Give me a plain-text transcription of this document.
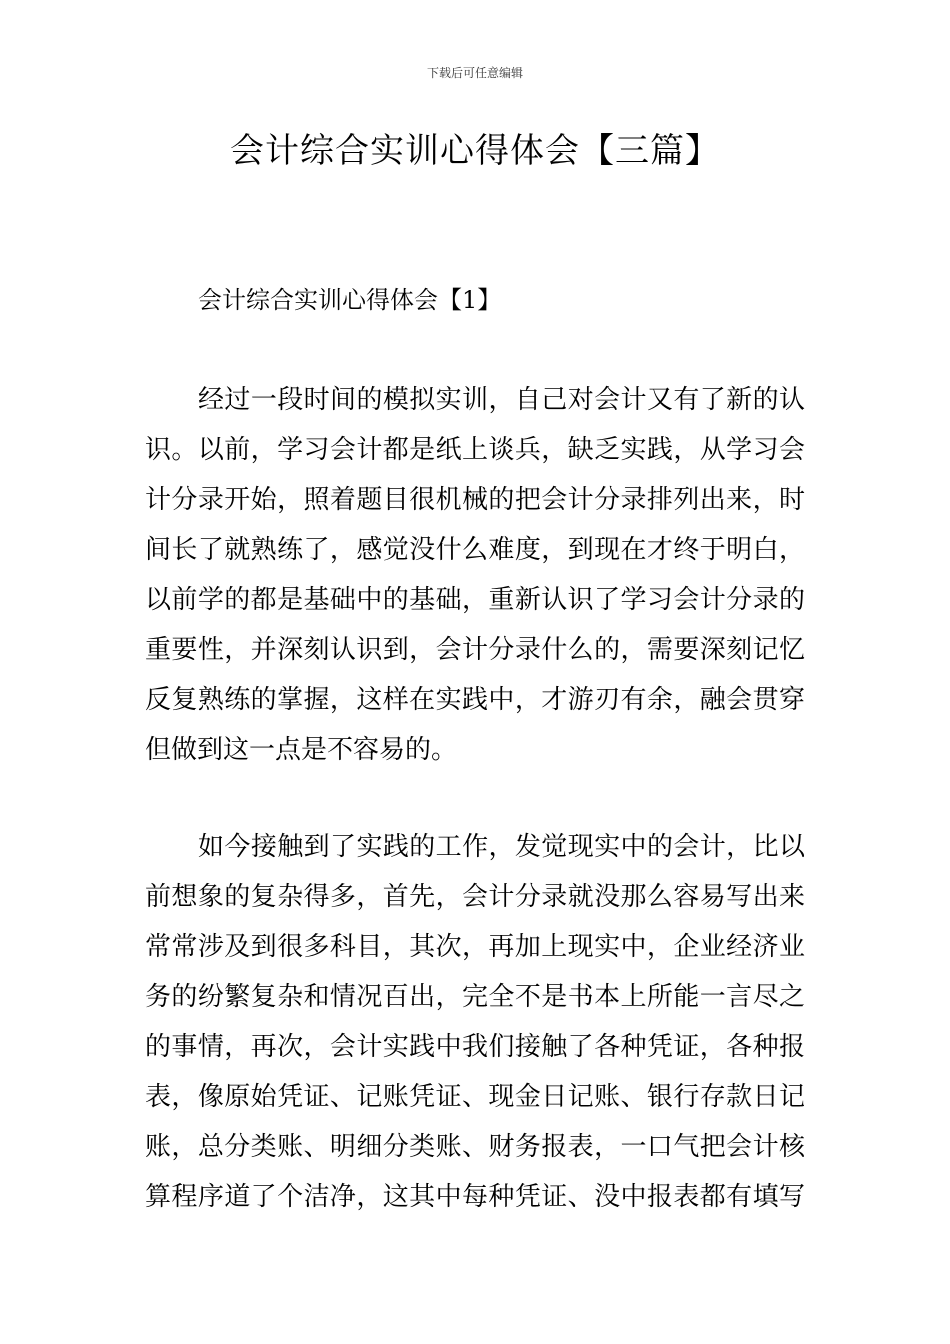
下载后可任意编辑
会计综合实训心得体会【三篇】
会计综合实训心得体会【1】
经过一段时间的模拟实训，自己对会计又有了新的认
识。以前，学习会计都是纸上谈兵，缺乏实践，从学习会
计分录开始，照着题目很机械的把会计分录排列出来，时
间长了就熟练了，感觉没什么难度，到现在才终于明白，
以前学的都是基础中的基础，重新认识了学习会计分录的
重要性，并深刻认识到，会计分录什么的，需要深刻记忆
反复熟练的掌握，这样在实践中，才游刃有余，融会贯穿
但做到这一点是不容易的。
如今接触到了实践的工作，发觉现实中的会计，比以
前想象的复杂得多，首先，会计分录就没那么容易写出来
常常涉及到很多科目，其次，再加上现实中，企业经济业
务的纷繁复杂和情况百出，完全不是书本上所能一言尽之
的事情，再次，会计实践中我们接触了各种凭证，各种报
表，像原始凭证、记账凭证、现金日记账、银行存款日记
账，总分类账、明细分类账、财务报表，一口气把会计核
算程序道了个洁净，这其中每种凭证、没中报表都有填写
